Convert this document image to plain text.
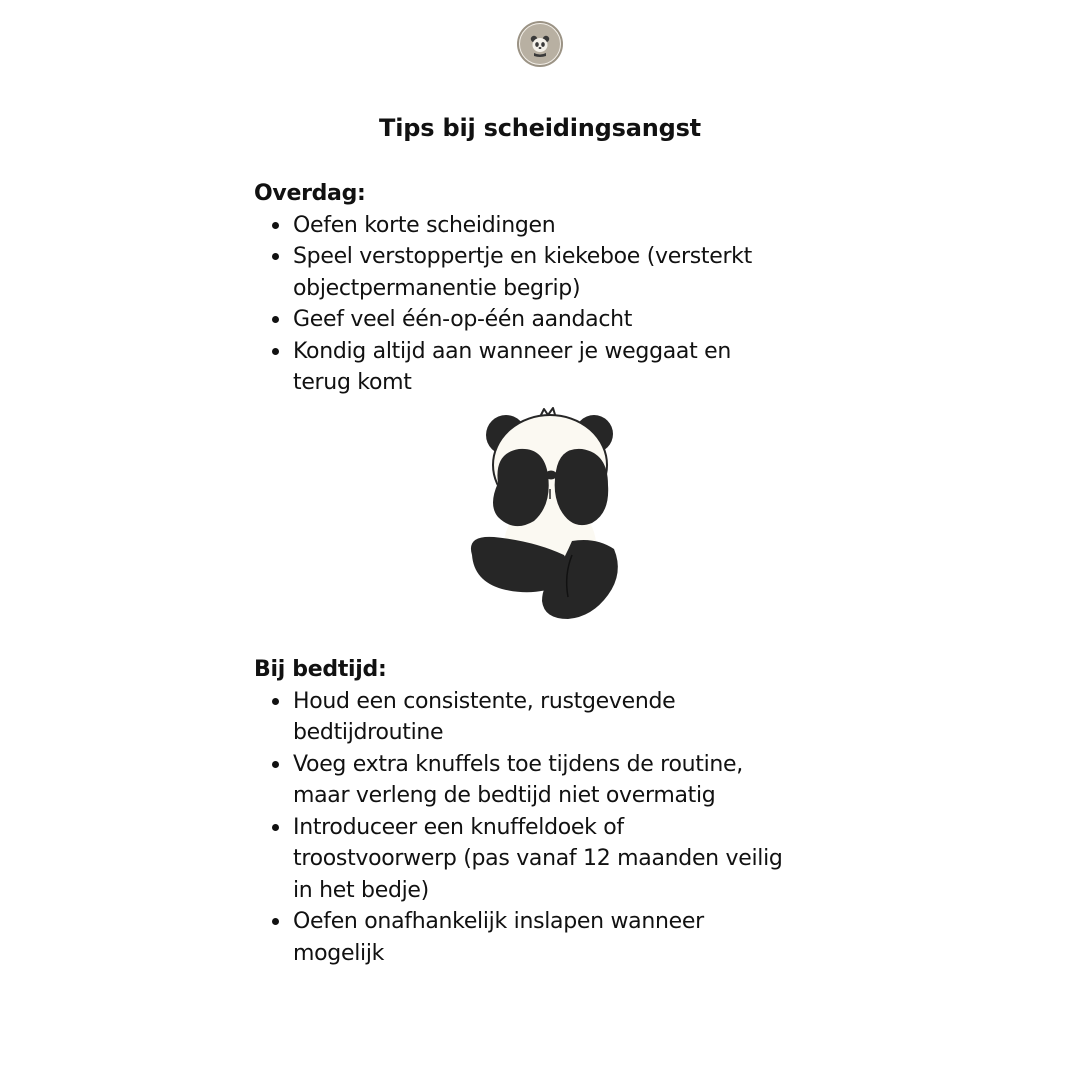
Tips bij scheidingsangst
Overdag:
Oefen korte scheidingen
Speel verstoppertje en kiekeboe (versterkt
objectpermanentie begrip)
Geef veel één-op-één aandacht
Kondig altijd aan wanneer je weggaat en
terug komt
Bij bedtijd:
Houd een consistente, rustgevende
bedtijdroutine
Voeg extra knuffels toe tijdens de routine,
maar verleng de bedtijd niet overmatig
Introduceer een knuffeldoek of
troostvoorwerp (pas vanaf 12 maanden veilig
in het bedje)
Oefen onafhankelijk inslapen wanneer
mogelijk
